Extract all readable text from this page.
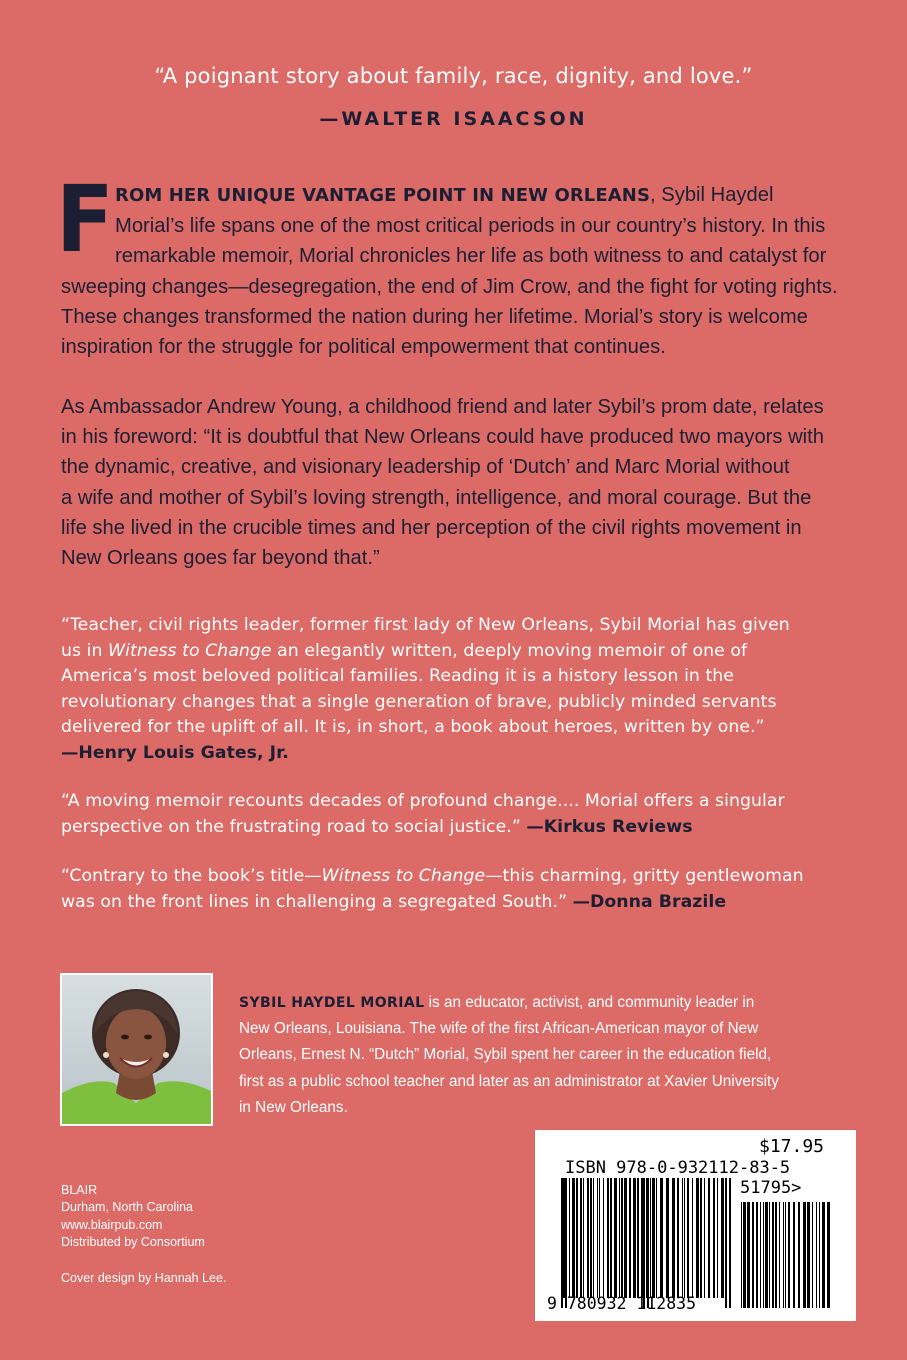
“A poignant story about family, race, dignity, and love.”
—WALTER ISAACSON
F ROM HER UNIQUE VANTAGE POINT IN NEW ORLEANS, Sybil Haydel
Morial’s life spans one of the most critical periods in our country’s history. In this
remarkable memoir, Morial chronicles her life as both witness to and catalyst for
sweeping changes—desegregation, the end of Jim Crow, and the fight for voting rights.
These changes transformed the nation during her lifetime. Morial’s story is welcome
inspiration for the struggle for political empowerment that continues.
As Ambassador Andrew Young, a childhood friend and later Sybil’s prom date, relates
in his foreword: “It is doubtful that New Orleans could have produced two mayors with
the dynamic, creative, and visionary leadership of ‘Dutch’ and Marc Morial without
a wife and mother of Sybil’s loving strength, intelligence, and moral courage. But the
life she lived in the crucible times and her perception of the civil rights movement in
New Orleans goes far beyond that.”
“Teacher, civil rights leader, former first lady of New Orleans, Sybil Morial has given
us in Witness to Change an elegantly written, deeply moving memoir of one of
America’s most beloved political families. Reading it is a history lesson in the
revolutionary changes that a single generation of brave, publicly minded servants
delivered for the uplift of all. It is, in short, a book about heroes, written by one.”
—Henry Louis Gates, Jr.
“A moving memoir recounts decades of profound change.... Morial offers a singular
perspective on the frustrating road to social justice.” —Kirkus Reviews
“Contrary to the book’s title—Witness to Change—this charming, gritty gentlewoman
was on the front lines in challenging a segregated South.” —Donna Brazile
SYBIL HAYDEL MORIAL is an educator, activist, and community leader in
New Orleans, Louisiana. The wife of the first African-American mayor of New
Orleans, Ernest N. “Dutch” Morial, Sybil spent her career in the education field,
first as a public school teacher and later as an administrator at Xavier University
in New Orleans.
BLAIR
Durham, North Carolina
www.blairpub.com
Distributed by Consortium
Cover design by Hannah Lee.
$17.95
ISBN 978-0-932112-83-5
51795>
9 780932 112835
